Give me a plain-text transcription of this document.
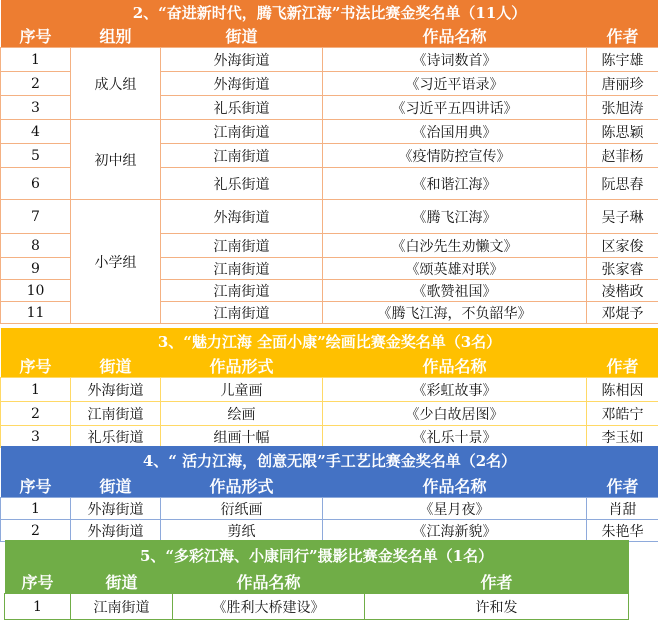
2、“奋进新时代，腾飞新江海”书法比赛金奖名单（11人）				
序号	组别	街道	作品名称	作者
1	成人组	外海街道	《诗词数首》	陈宇雄
2		外海街道	《习近平语录》	唐丽珍
3		礼乐街道	《习近平五四讲话》	张旭涛
4	初中组	江南街道	《治国用典》	陈思颖
5		江南街道	《疫情防控宣传》	赵菲杨
6		礼乐街道	《和谐江海》	阮思舂
7	小学组	外海街道	《腾飞江海》	吴子琳
8		江南街道	《白沙先生劝懒文》	区家俊
9		江南街道	《颂英雄对联》	张家睿
10		江南街道	《歌赞祖国》	凌楷政
11		江南街道	《腾飞江海，不负韶华》	邓焜予
3、“魅力江海 全面小康”绘画比赛金奖名单（3名）				
序号	街道	作品形式	作品名称	作者
1	外海街道	儿童画	《彩虹故事》	陈相因
2	江南街道	绘画	《少白故居图》	邓皓宁
3	礼乐街道	组画十幅	《礼乐十景》	李玉如
4、“ 活力江海，创意无限”手工艺比赛金奖名单（2名）				
序号	街道	作品形式	作品名称	作者
1	外海街道	衍纸画	《星月夜》	肖甜
2	外海街道	剪纸	《江海新貌》	朱艳华
5、“多彩江海、小康同行”摄影比赛金奖名单（1名）			
序号	街道	作品名称	作者
1	江南街道	《胜利大桥建设》	许和发
